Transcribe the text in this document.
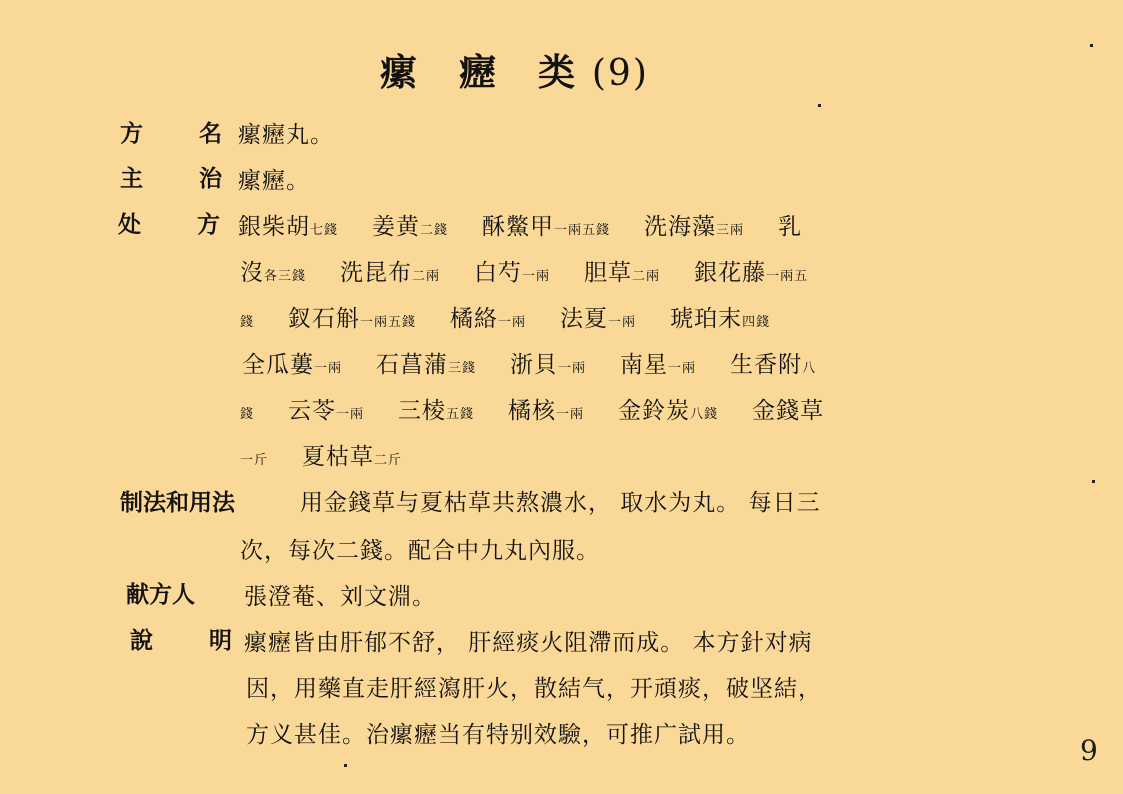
瘰 癧 类 (9)
方 名
瘰癧丸。
主 治
瘰癧。
处 方
銀柴胡七錢 姜黄二錢 酥鱉甲一兩五錢 洗海藻三兩 乳
沒各三錢 洗昆布二兩 白芍一兩 胆草二兩 銀花藤一兩五
錢 釵石斛一兩五錢 橘絡一兩 法夏一兩 琥珀末四錢
全瓜蔞一兩 石菖蒲三錢 浙貝一兩 南星一兩 生香附八
錢 云苓一兩 三棱五錢 橘核一兩 金鈴炭八錢 金錢草
一斤 夏枯草二斤
制法和用法	用金錢草与夏枯草共熬濃水， 取水为丸。 每日三
次，每次二錢。配合中九丸內服。
献方人 張澄菴、刘文淵。
說 明
瘰癧皆由肝郁不舒， 肝經痰火阻滯而成。 本方針对病
因，用藥直走肝經瀉肝火，散結气，开頑痰，破坚結，
方义甚佳。治瘰癧当有特别效驗，可推广試用。	9
